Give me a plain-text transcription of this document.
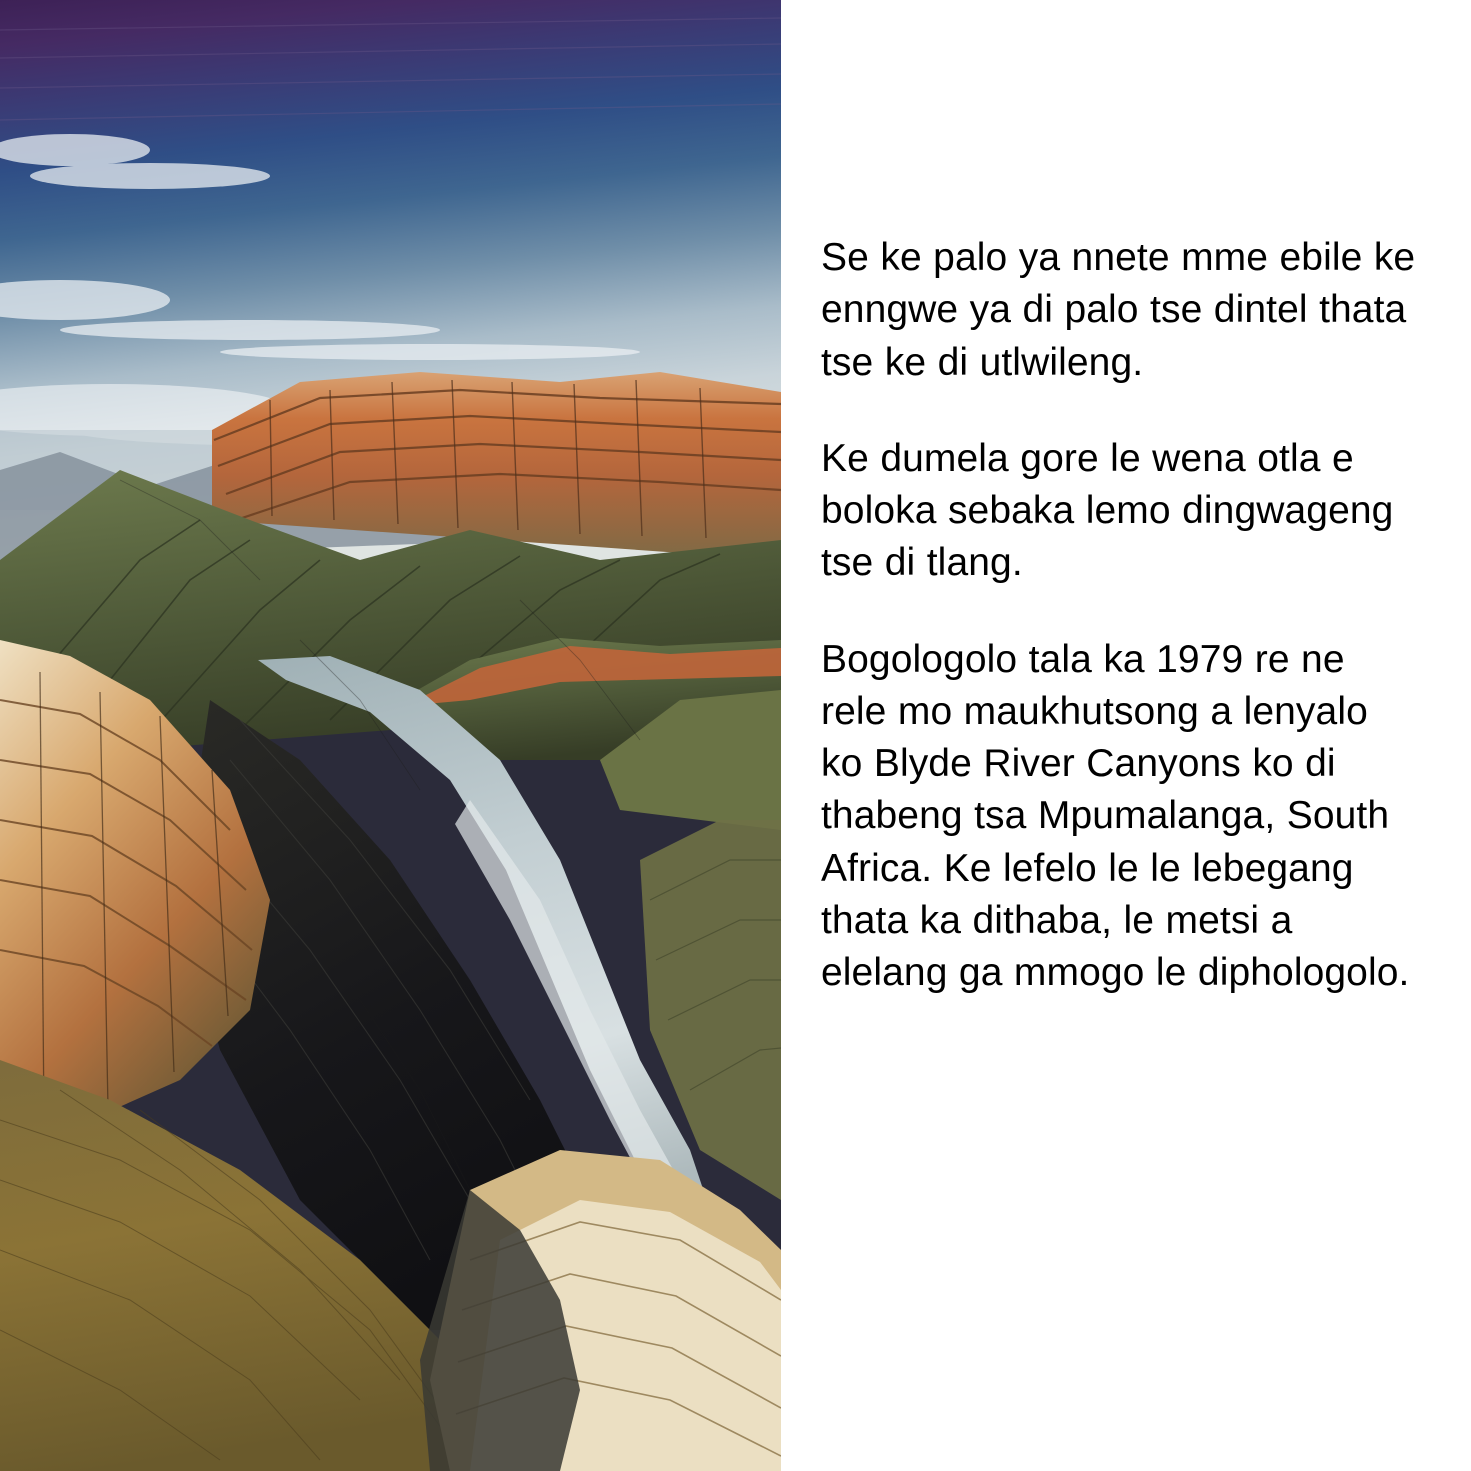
Se ke palo ya nnete mme ebile ke enngwe ya di palo tse dintel thata tse ke di utlwileng.

Ke dumela gore le wena otla e boloka sebaka lemo dingwageng tse di tlang.

Bogologolo tala ka 1979 re ne rele mo maukhutsong a lenyalo ko Blyde River Canyons ko di thabeng tsa Mpumalanga, South Africa. Ke lefelo le le lebegang thata ka dithaba, le metsi a elelang ga mmogo le diphologolo.
